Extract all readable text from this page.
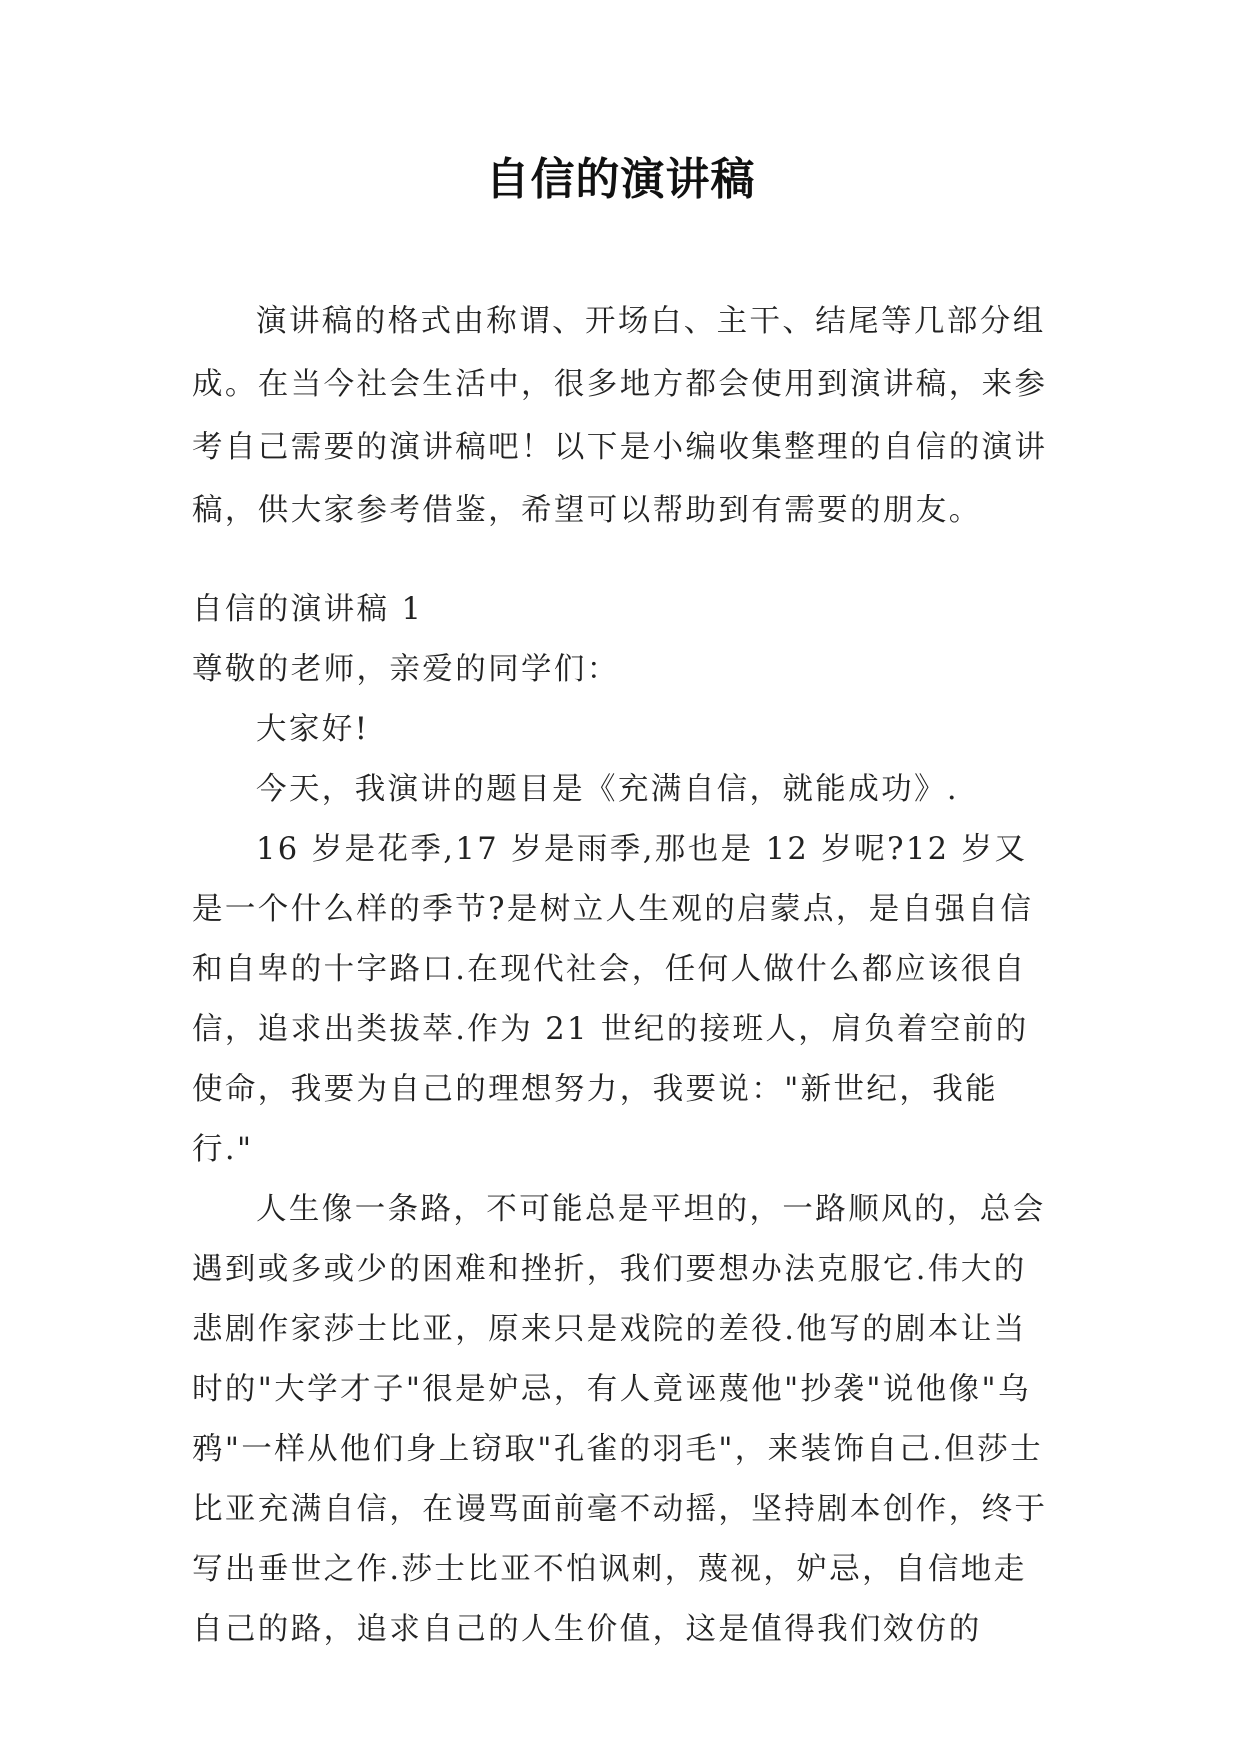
自信的演讲稿
演讲稿的格式由称谓、开场白、主干、结尾等几部分组成。在当今社会生活中，很多地方都会使用到演讲稿，来参考自己需要的演讲稿吧！以下是小编收集整理的自信的演讲稿，供大家参考借鉴，希望可以帮助到有需要的朋友。

自信的演讲稿 1

尊敬的老师，亲爱的同学们：

大家好!

今天，我演讲的题目是《充满自信，就能成功》.

16 岁是花季,17 岁是雨季,那也是 12 岁呢?12 岁又是一个什么样的季节?是树立人生观的启蒙点，是自强自信和自卑的十字路口.在现代社会，任何人做什么都应该很自信，追求出类拔萃.作为 21 世纪的接班人，肩负着空前的使命，我要为自己的理想努力，我要说："新世纪，我能行."

人生像一条路，不可能总是平坦的，一路顺风的，总会遇到或多或少的困难和挫折，我们要想办法克服它.伟大的悲剧作家莎士比亚，原来只是戏院的差役.他写的剧本让当时的"大学才子"很是妒忌，有人竟诬蔑他"抄袭"说他像"乌鸦"一样从他们身上窃取"孔雀的羽毛"，来装饰自己.但莎士比亚充满自信，在谩骂面前毫不动摇，坚持剧本创作，终于写出垂世之作.莎士比亚不怕讽刺，蔑视，妒忌，自信地走自己的路，追求自己的人生价值，这是值得我们效仿的
